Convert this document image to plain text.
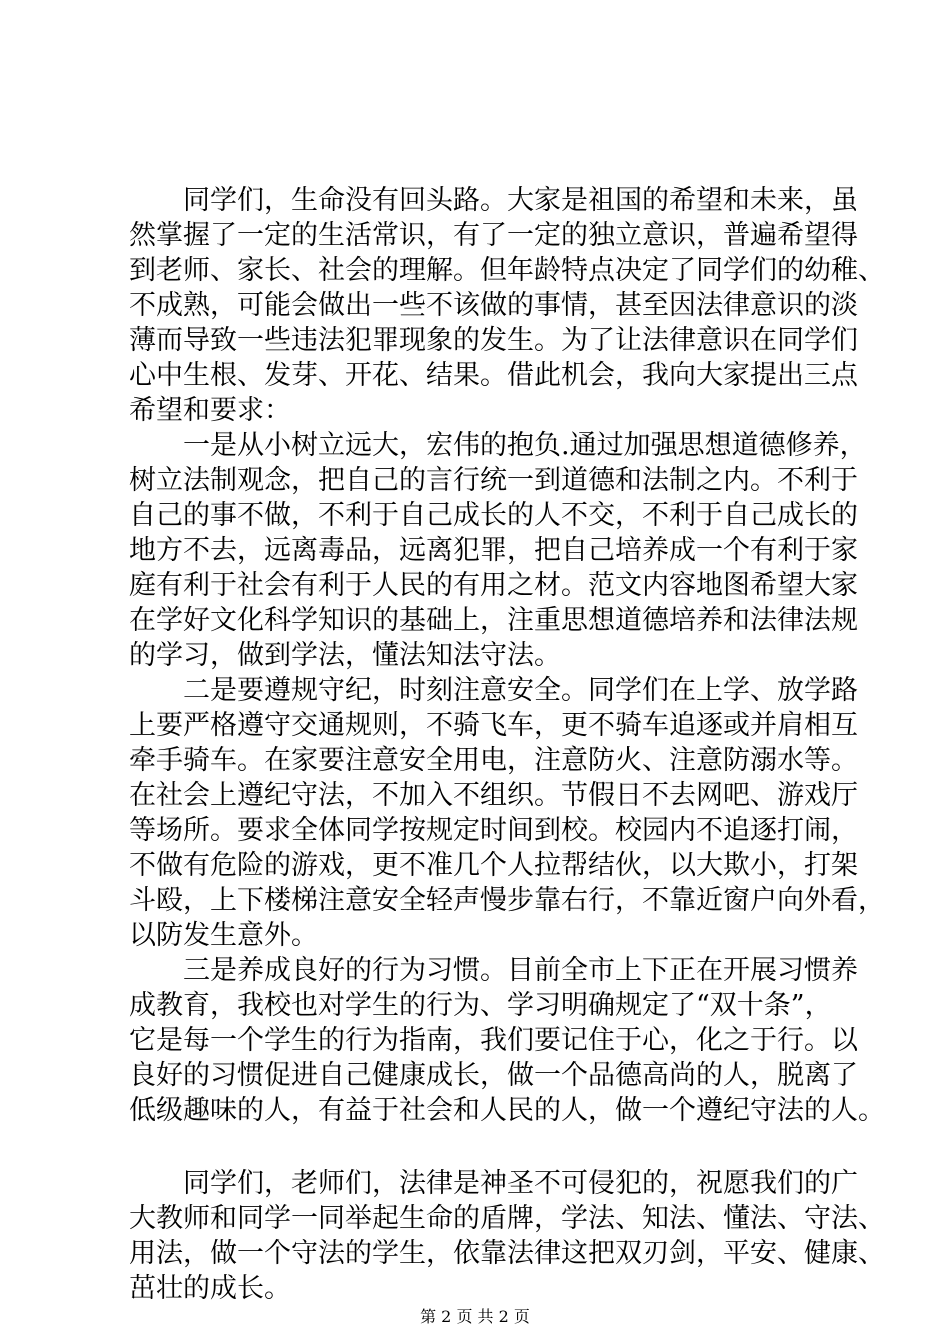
　　同学们，生命没有回头路。大家是祖国的希望和未来，虽
然掌握了一定的生活常识，有了一定的独立意识，普遍希望得
到老师、家长、社会的理解。但年龄特点决定了同学们的幼稚、
不成熟，可能会做出一些不该做的事情，甚至因法律意识的淡
薄而导致一些违法犯罪现象的发生。为了让法律意识在同学们
心中生根、发芽、开花、结果。借此机会，我向大家提出三点
希望和要求：
　　一是从小树立远大，宏伟的抱负.通过加强思想道德修养，
树立法制观念，把自己的言行统一到道德和法制之内。不利于
自己的事不做，不利于自己成长的人不交，不利于自己成长的
地方不去，远离毒品，远离犯罪，把自己培养成一个有利于家
庭有利于社会有利于人民的有用之材。范文内容地图希望大家
在学好文化科学知识的基础上，注重思想道德培养和法律法规
的学习，做到学法，懂法知法守法。
　　二是要遵规守纪，时刻注意安全。同学们在上学、放学路
上要严格遵守交通规则，不骑飞车，更不骑车追逐或并肩相互
牵手骑车。在家要注意安全用电，注意防火、注意防溺水等。
在社会上遵纪守法，不加入不组织。节假日不去网吧、游戏厅
等场所。要求全体同学按规定时间到校。校园内不追逐打闹，
不做有危险的游戏，更不准几个人拉帮结伙，以大欺小，打架
斗殴，上下楼梯注意安全轻声慢步靠右行，不靠近窗户向外看，
以防发生意外。
　　三是养成良好的行为习惯。目前全市上下正在开展习惯养
成教育，我校也对学生的行为、学习明确规定了“双十条”，
它是每一个学生的行为指南，我们要记住于心，化之于行。以
良好的习惯促进自己健康成长，做一个品德高尚的人，脱离了
低级趣味的人，有益于社会和人民的人，做一个遵纪守法的人。
　　同学们，老师们，法律是神圣不可侵犯的，祝愿我们的广
大教师和同学一同举起生命的盾牌，学法、知法、懂法、守法、
用法，做一个守法的学生，依靠法律这把双刃剑，平安、健康、
茁壮的成长。
第 2 页 共 2 页
